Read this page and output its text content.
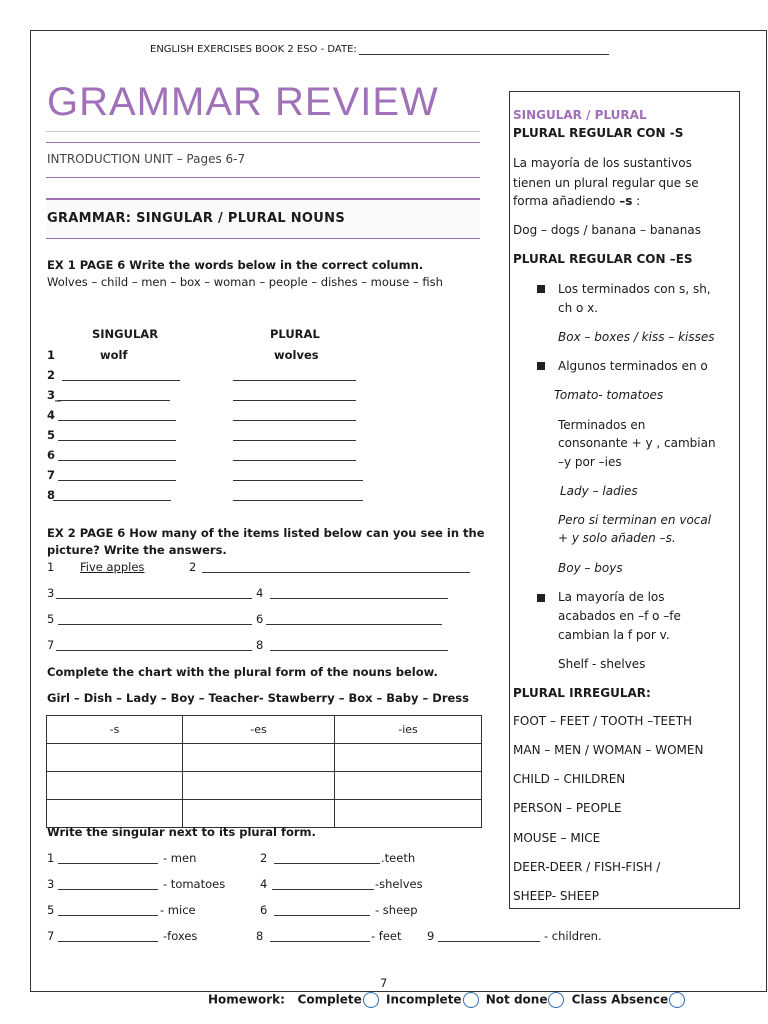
ENGLISH EXERCISES BOOK 2 ESO - DATE:
GRAMMAR REVIEW
INTRODUCTION UNIT – Pages 6-7
GRAMMAR: SINGULAR / PLURAL NOUNS
EX 1 PAGE 6 Write the words below in the correct column.
Wolves – child – men – box – woman – people – dishes – mouse – fish
SINGULAR	PLURAL
1	wolf	wolves
2
3_
4
5
6
7
8
EX 2 PAGE 6 How many of the items listed below can you see in the picture? Write the answers.
1 Five apples	2
3	4
5	6
7	8
Complete the chart with the plural form of the nouns below.
Girl – Dish – Lady – Boy – Teacher- Stawberry – Box – Baby – Dress
-s	-es	-ies

Write the singular next to its plural form.
1	- men	2	.teeth
3	- tomatoes	4	-shelves
5	- mice	6	- sheep
7	-foxes	8	- feet 9	- children.
SINGULAR / PLURAL
PLURAL REGULAR CON -S
La mayoría de los sustantivos
tienen un plural regular que se
forma añadiendo –s :
Dog – dogs / banana – bananas
PLURAL REGULAR CON –ES
Los terminados con s, sh,
ch o x.
Box – boxes / kiss – kisses
Algunos terminados en o
Tomato- tomatoes
Terminados en
consonante + y , cambian
–y por –ies
Lady – ladies
Pero si terminan en vocal
+ y solo añaden –s.
Boy – boys
La mayoría de los
acabados en –f o –fe
cambian la f por v.
Shelf - shelves
PLURAL IRREGULAR:
FOOT – FEET / TOOTH –TEETH
MAN – MEN / WOMAN – WOMEN
CHILD – CHILDREN
PERSON – PEOPLE
MOUSE – MICE
DEER-DEER / FISH-FISH /
SHEEP- SHEEP
7
Homework: Complete Incomplete Not done Class Absence
